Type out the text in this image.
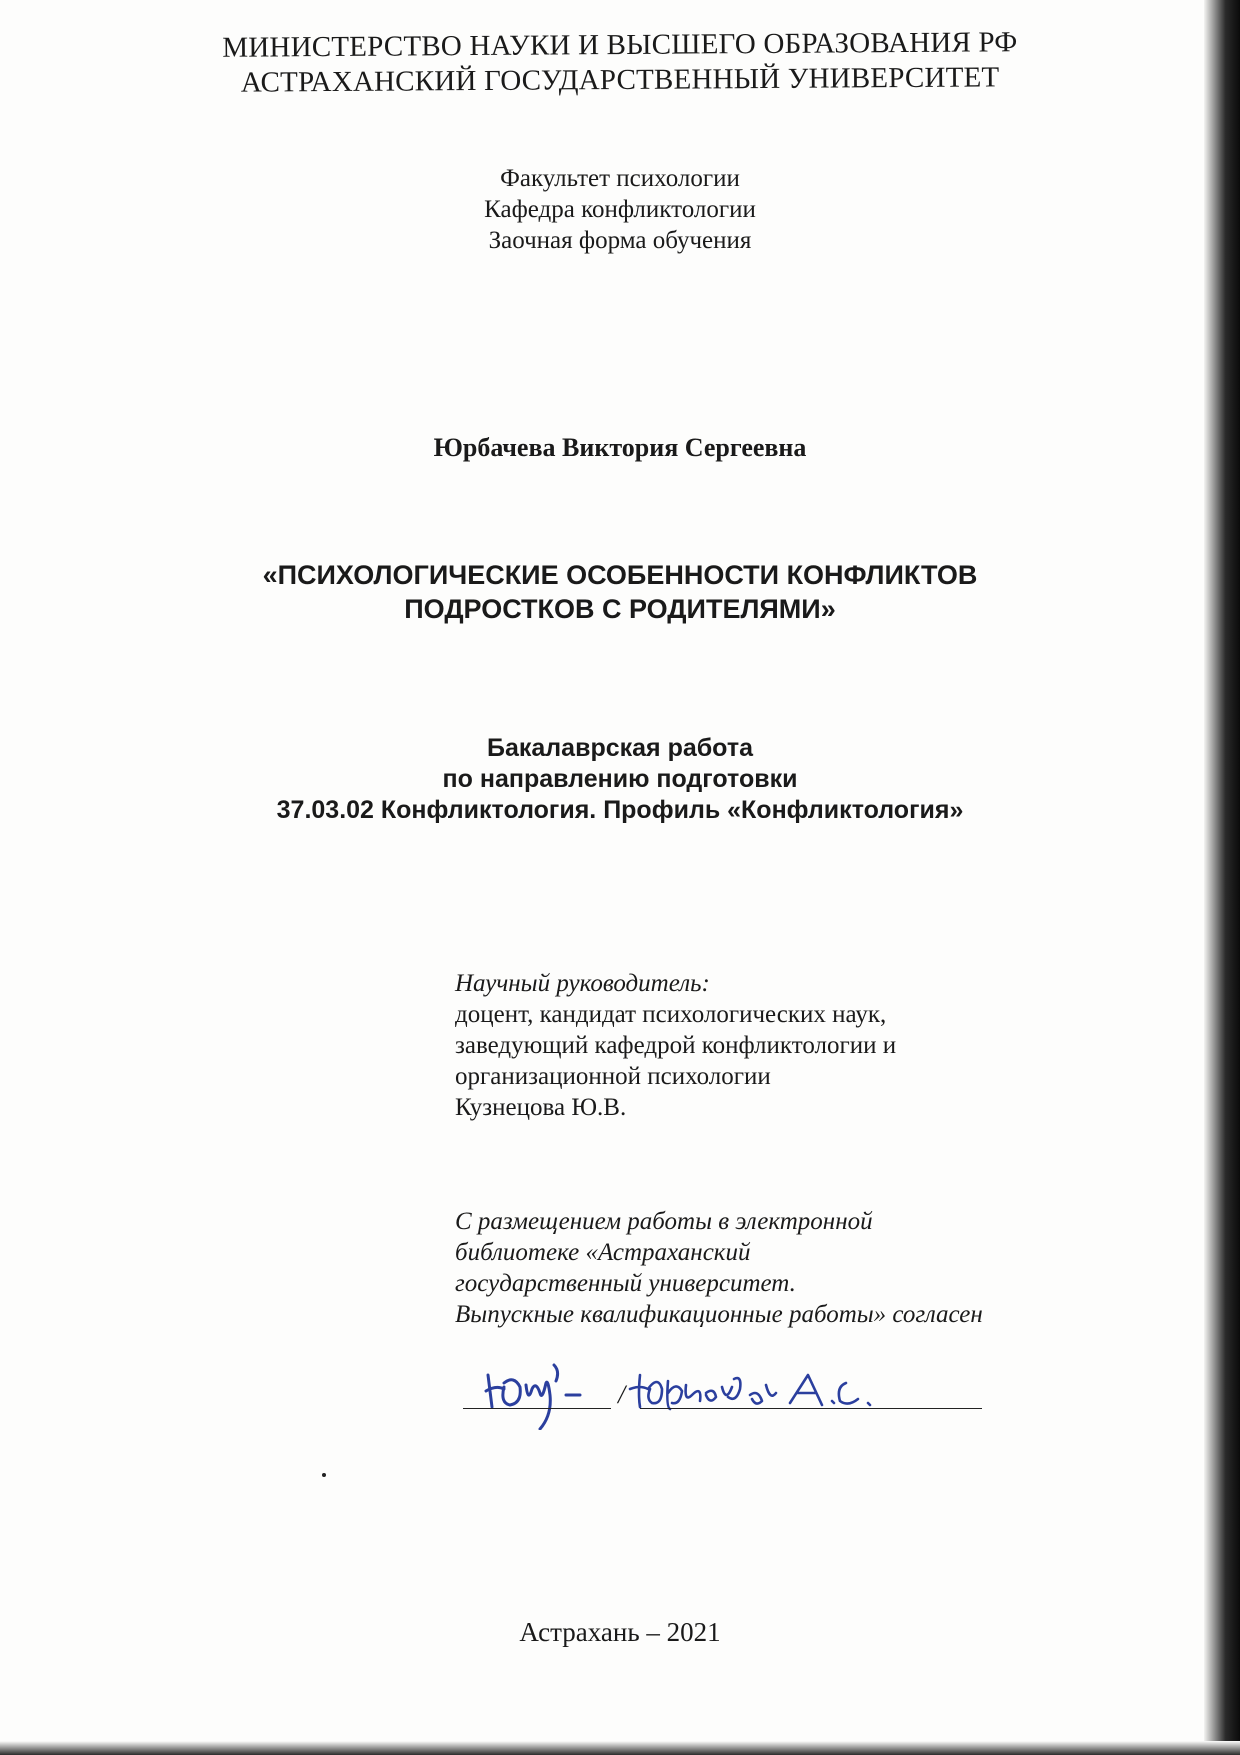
МИНИСТЕРСТВО НАУКИ И ВЫСШЕГО ОБРАЗОВАНИЯ РФ
АСТРАХАНСКИЙ ГОСУДАРСТВЕННЫЙ УНИВЕРСИТЕТ
Факультет психологии
Кафедра конфликтологии
Заочная форма обучения
Юрбачева Виктория Сергеевна
«ПСИХОЛОГИЧЕСКИЕ ОСОБЕННОСТИ КОНФЛИКТОВ
ПОДРОСТКОВ С РОДИТЕЛЯМИ»
Бакалаврская работа
по направлению подготовки
37.03.02 Конфликтология. Профиль «Конфликтология»
Научный руководитель:
доцент, кандидат психологических наук,
заведующий кафедрой конфликтологии и
организационной психологии
Кузнецова Ю.В.
С размещением работы в электронной
библиотеке «Астраханский
государственный университет.
Выпускные квалификационные работы» согласен
/
Астрахань – 2021
